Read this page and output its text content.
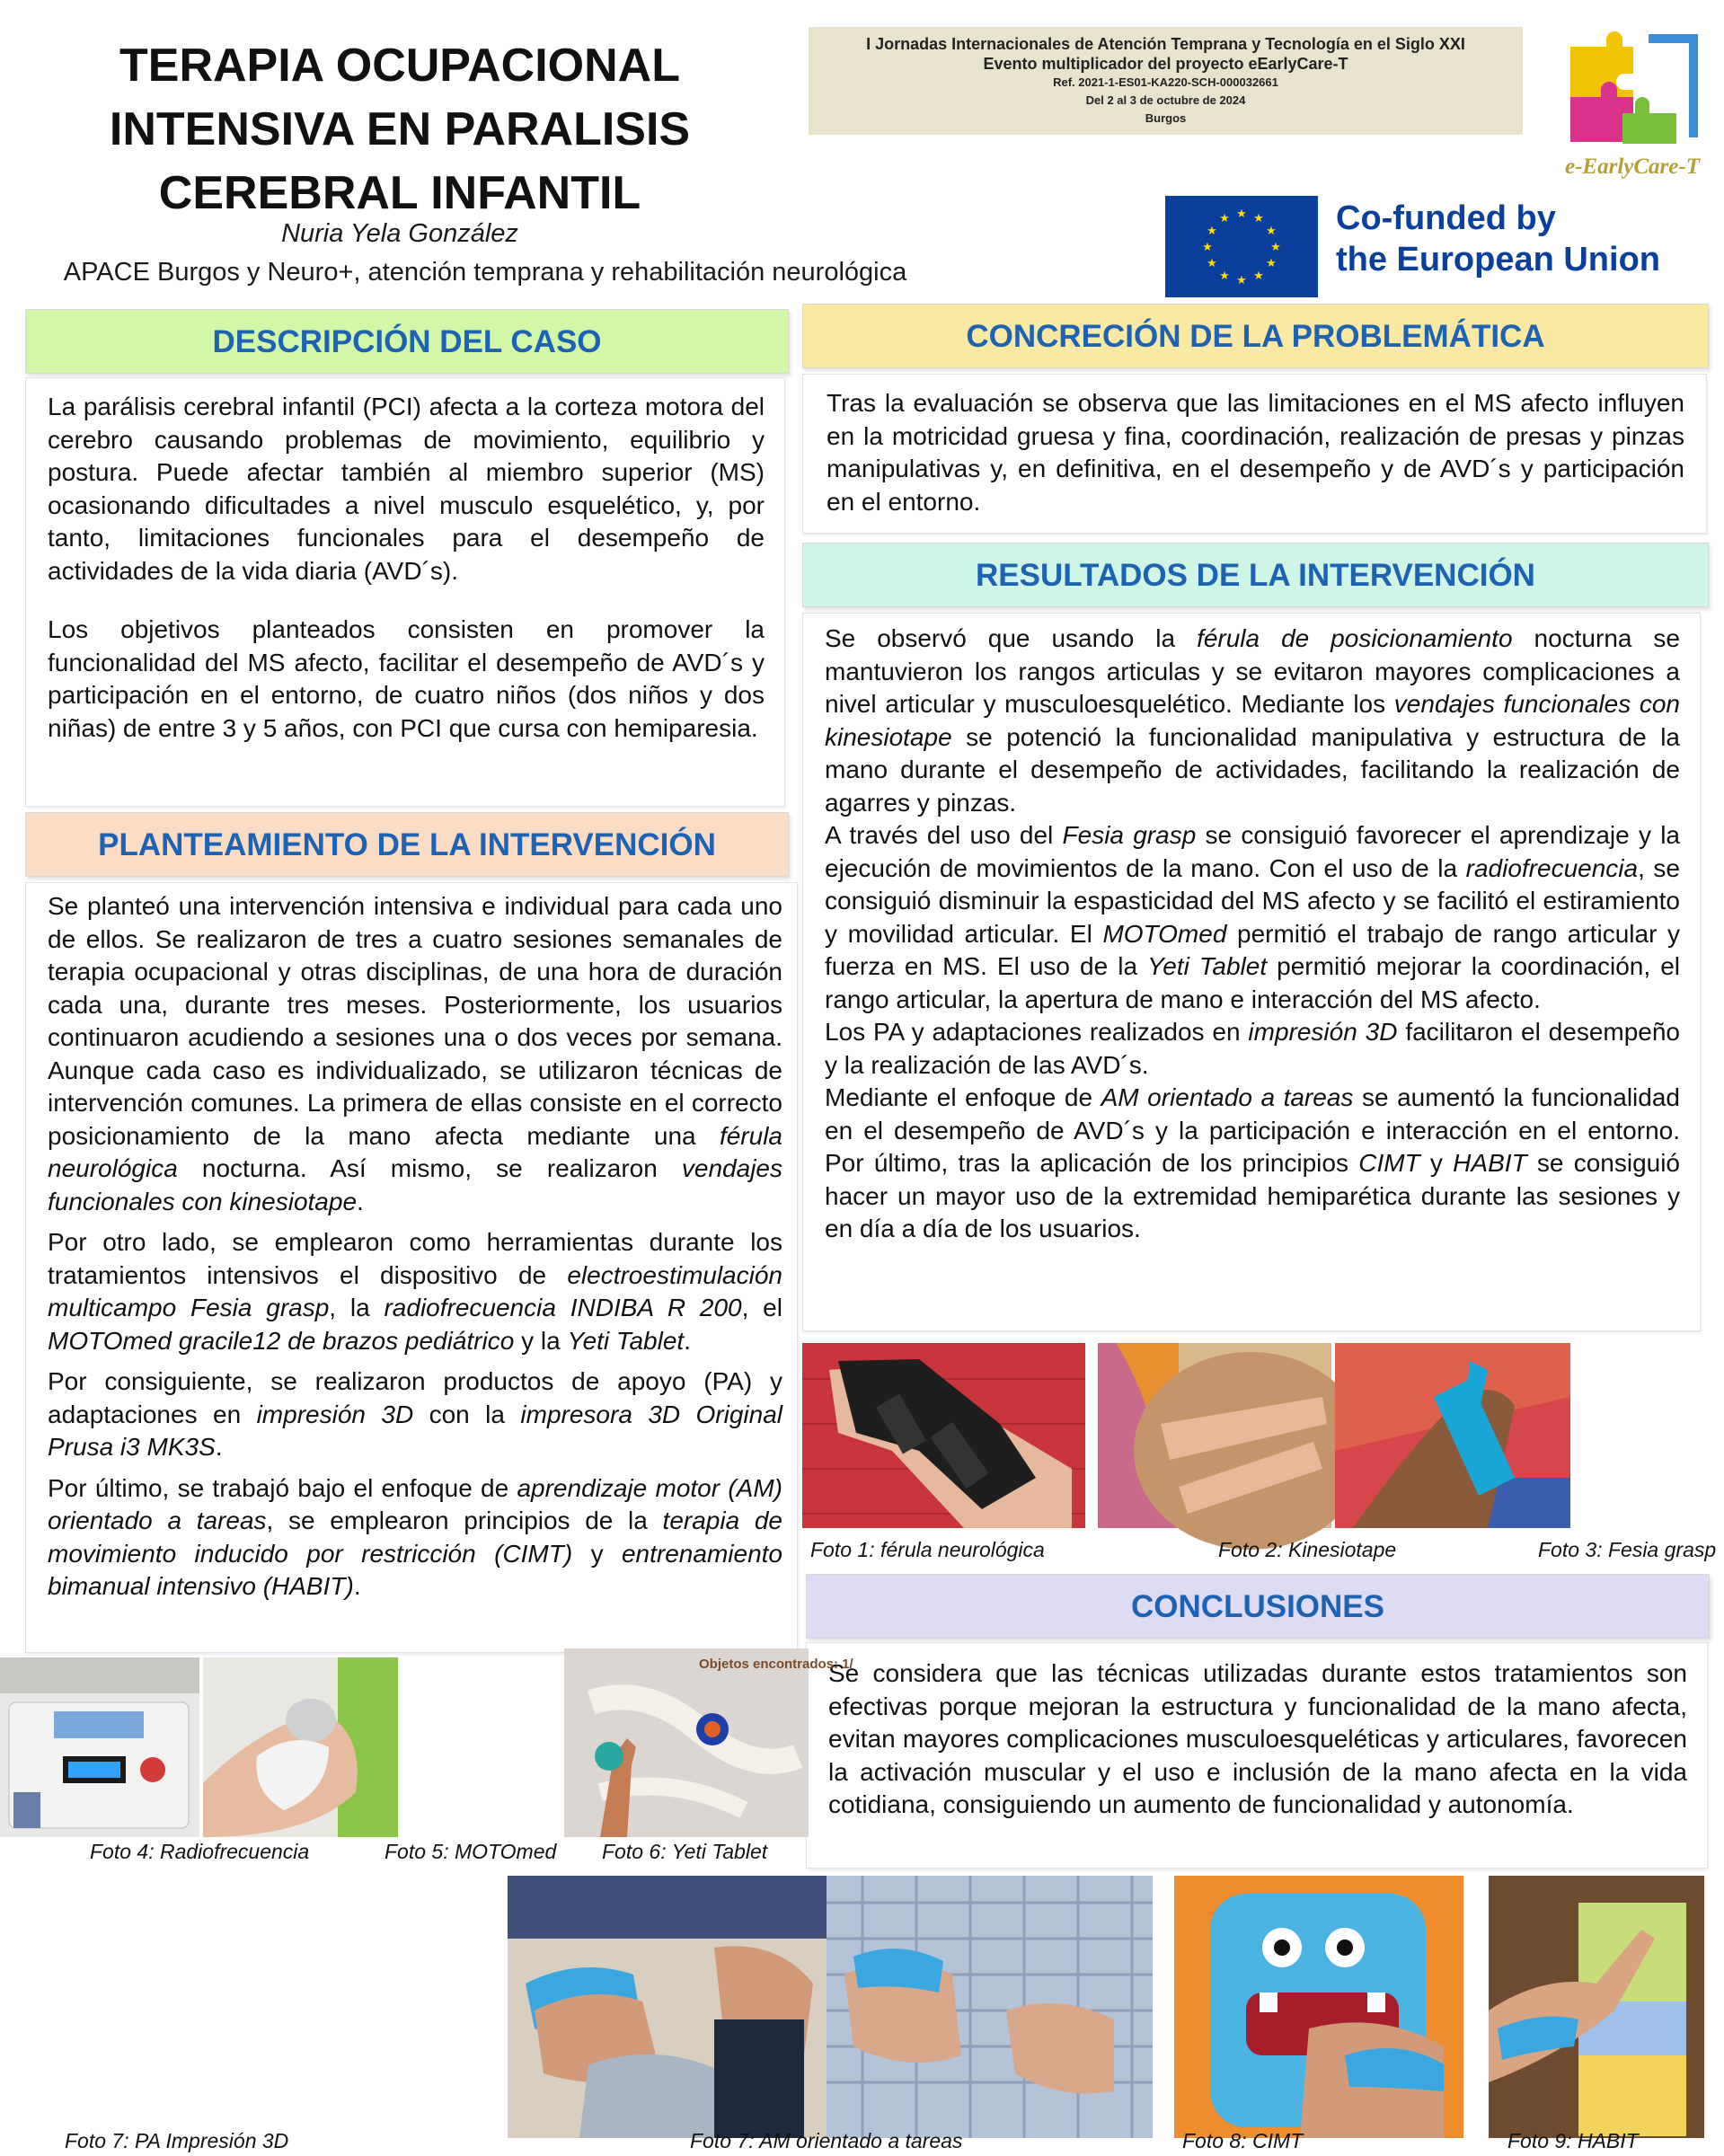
TERAPIA OCUPACIONAL
INTENSIVA EN PARALISIS
CEREBRAL INFANTIL
Nuria Yela González
APACE Burgos y Neuro+, atención temprana y rehabilitación neurológica
I Jornadas Internacionales de Atención Temprana y Tecnología en el Siglo XXI
Evento multiplicador del proyecto eEarlyCare-T
Ref. 2021-1-ES01-KA220-SCH-000032661
Del 2 al 3 de octubre de 2024
Burgos
e-EarlyCare-T
★ ★
★
★
★
★
★
★
★
★
★
★	Co-funded by
the European Union
DESCRIPCIÓN DEL CASO

La parálisis cerebral infantil (PCI) afecta a la corteza motora del cerebro causando problemas de movimiento, equilibrio y postura. Puede afectar también al miembro superior (MS) ocasionando dificultades a nivel musculo esquelético, y, por tanto, limitaciones funcionales para el desempeño de actividades de la vida diaria (AVD´s).

Los objetivos planteados consisten en promover la funcionalidad del MS afecto, facilitar el desempeño de AVD´s y participación en el entorno, de cuatro niños (dos niños y dos niñas) de entre 3 y 5 años, con PCI que cursa con hemiparesia.

PLANTEAMIENTO DE LA INTERVENCIÓN

Se planteó una intervención intensiva e individual para cada uno de ellos. Se realizaron de tres a cuatro sesiones semanales de terapia ocupacional y otras disciplinas, de una hora de duración cada una, durante tres meses. Posteriormente, los usuarios continuaron acudiendo a sesiones una o dos veces por semana. Aunque cada caso es individualizado, se utilizaron técnicas de intervención comunes. La primera de ellas consiste en el correcto posicionamiento de la mano afecta mediante una férula neurológica nocturna. Así mismo, se realizaron vendajes funcionales con kinesiotape.

Por otro lado, se emplearon como herramientas durante los tratamientos intensivos el dispositivo de electroestimulación multicampo Fesia grasp, la radiofrecuencia INDIBA R 200, el MOTOmed gracile12 de brazos pediátrico y la Yeti Tablet.

Por consiguiente, se realizaron productos de apoyo (PA) y adaptaciones en impresión 3D con la impresora 3D Original Prusa i3 MK3S.

Por último, se trabajó bajo el enfoque de aprendizaje motor (AM) orientado a tareas, se emplearon principios de la terapia de movimiento inducido por restricción (CIMT) y entrenamiento bimanual intensivo (HABIT).

CONCRECIÓN DE LA PROBLEMÁTICA
Tras la evaluación se observa que las limitaciones en el MS afecto influyen en la motricidad gruesa y fina, coordinación, realización de presas y pinzas manipulativas y, en definitiva, en el desempeño y de AVD´s y participación en el entorno.
RESULTADOS DE LA INTERVENCIÓN

Se observó que usando la férula de posicionamiento nocturna se mantuvieron los rangos articulas y se evitaron mayores complicaciones a nivel articular y musculoesquelético. Mediante los vendajes funcionales con kinesiotape se potenció la funcionalidad manipulativa y estructura de la mano durante el desempeño de actividades, facilitando la realización de agarres y pinzas.

A través del uso del Fesia grasp se consiguió favorecer el aprendizaje y la ejecución de movimientos de la mano. Con el uso de la radiofrecuencia, se consiguió disminuir la espasticidad del MS afecto y se facilitó el estiramiento y movilidad articular. El MOTOmed permitió el trabajo de rango articular y fuerza en MS. El uso de la Yeti Tablet permitió mejorar la coordinación, el rango articular, la apertura de mano e interacción del MS afecto.

Los PA y adaptaciones realizados en impresión 3D facilitaron el desempeño y la realización de las AVD´s.

Mediante el enfoque de AM orientado a tareas se aumentó la funcionalidad en el desempeño de AVD´s y la participación e interacción en el entorno. Por último, tras la aplicación de los principios CIMT y HABIT se consiguió hacer un mayor uso de la extremidad hemiparética durante las sesiones y en día a día de los usuarios.

Foto 1: férula neurológica	Foto 2: Kinesiotape	Foto 3: Fesia grasp
CONCLUSIONES
Se considera que las técnicas utilizadas durante estos tratamientos son efectivas porque mejoran la estructura y funcionalidad de la mano afecta, evitan mayores complicaciones musculoesqueléticas y articulares, favorecen la activación muscular y el uso e inclusión de la mano afecta en la vida cotidiana, consiguiendo un aumento de funcionalidad y autonomía.
Objetos encontrados: 1/
Foto 4: Radiofrecuencia	Foto 5: MOTOmed Foto 6: Yeti Tablet
Foto 7: PA Impresión 3D	Foto 7: AM orientado a tareas	Foto 8: CIMT	Foto 9: HABIT
